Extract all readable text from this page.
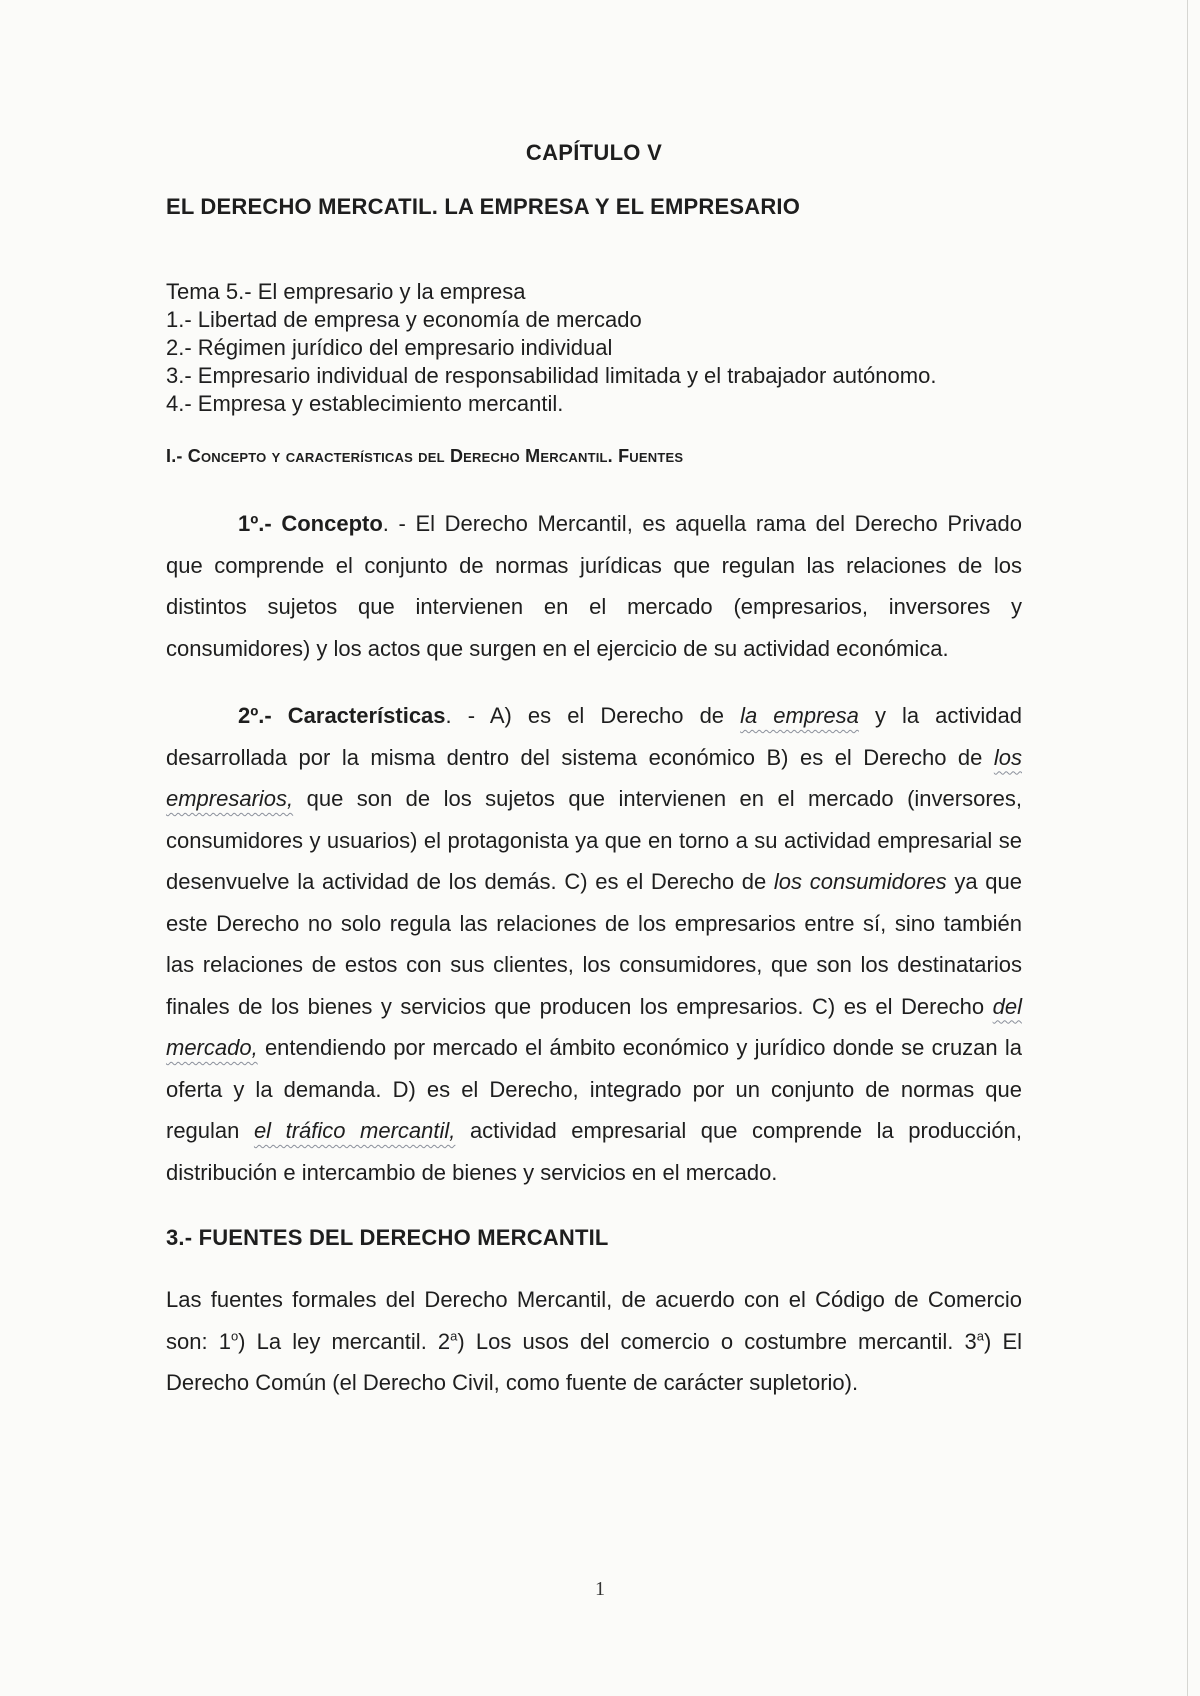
CAPÍTULO V
EL DERECHO MERCATIL. LA EMPRESA Y EL EMPRESARIO
Tema 5.- El empresario y la empresa
1.- Libertad de empresa y economía de mercado
2.- Régimen jurídico del empresario individual
3.- Empresario individual de responsabilidad limitada y el trabajador autónomo.
4.- Empresa y establecimiento mercantil.
I.- Concepto y características del Derecho Mercantil. Fuentes

1º.- Concepto. - El Derecho Mercantil, es aquella rama del Derecho Privado que comprende el conjunto de normas jurídicas que regulan las relaciones de los distintos sujetos que intervienen en el mercado (empresarios, inversores y consumidores) y los actos que surgen en el ejercicio de su actividad económica.

2º.- Características. - A) es el Derecho de la empresa y la actividad desarrollada por la misma dentro del sistema económico B) es el Derecho de los empresarios, que son de los sujetos que intervienen en el mercado (inversores, consumidores y usuarios) el protagonista ya que en torno a su actividad empresarial se desenvuelve la actividad de los demás. C) es el Derecho de los consumidores ya que este Derecho no solo regula las relaciones de los empresarios entre sí, sino también las relaciones de estos con sus clientes, los consumidores, que son los destinatarios finales de los bienes y servicios que producen los empresarios. C) es el Derecho del mercado, entendiendo por mercado el ámbito económico y jurídico donde se cruzan la oferta y la demanda. D) es el Derecho, integrado por un conjunto de normas que regulan el tráfico mercantil, actividad empresarial que comprende la producción, distribución e intercambio de bienes y servicios en el mercado.

3.- FUENTES DEL DERECHO MERCANTIL

Las fuentes formales del Derecho Mercantil, de acuerdo con el Código de Comercio son: 1$^o$) La ley mercantil. 2$^a$) Los usos del comercio o costumbre mercantil. 3$^a$) El Derecho Común (el Derecho Civil, como fuente de carácter supletorio).

1
